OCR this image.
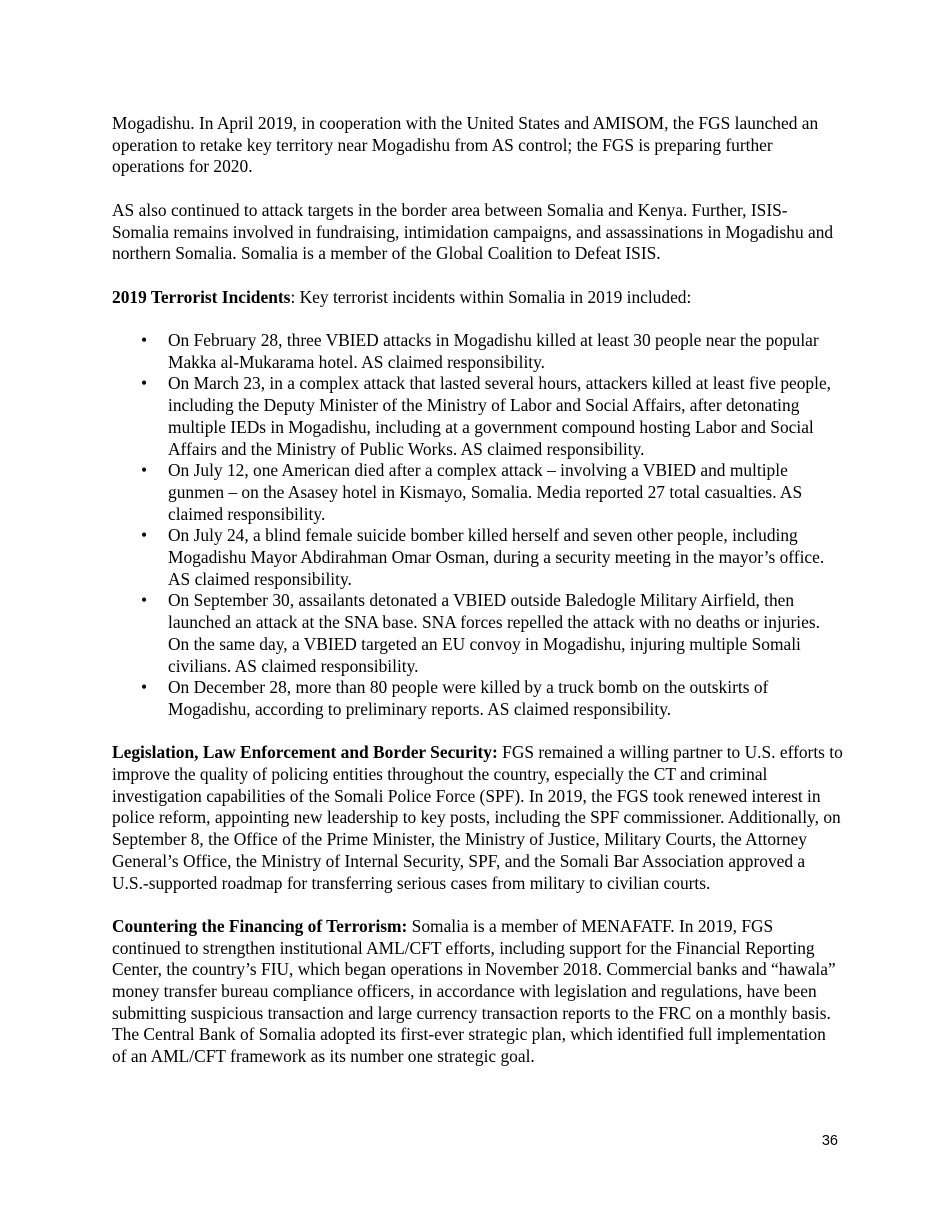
Mogadishu. In April 2019, in cooperation with the United States and AMISOM, the FGS launched an operation to retake key territory near Mogadishu from AS control; the FGS is preparing further operations for 2020.

AS also continued to attack targets in the border area between Somalia and Kenya. Further, ISIS-Somalia remains involved in fundraising, intimidation campaigns, and assassinations in Mogadishu and northern Somalia. Somalia is a member of the Global Coalition to Defeat ISIS.

2019 Terrorist Incidents: Key terrorist incidents within Somalia in 2019 included:

• On February 28, three VBIED attacks in Mogadishu killed at least 30 people near the popular Makka al-Mukarama hotel. AS claimed responsibility.
• On March 23, in a complex attack that lasted several hours, attackers killed at least five people, including the Deputy Minister of the Ministry of Labor and Social Affairs, after detonating multiple IEDs in Mogadishu, including at a government compound hosting Labor and Social Affairs and the Ministry of Public Works. AS claimed responsibility.
• On July 12, one American died after a complex attack – involving a VBIED and multiple gunmen – on the Asasey hotel in Kismayo, Somalia. Media reported 27 total casualties. AS claimed responsibility.
• On July 24, a blind female suicide bomber killed herself and seven other people, including Mogadishu Mayor Abdirahman Omar Osman, during a security meeting in the mayor’s office. AS claimed responsibility.
• On September 30, assailants detonated a VBIED outside Baledogle Military Airfield, then launched an attack at the SNA base. SNA forces repelled the attack with no deaths or injuries. On the same day, a VBIED targeted an EU convoy in Mogadishu, injuring multiple Somali civilians. AS claimed responsibility.
• On December 28, more than 80 people were killed by a truck bomb on the outskirts of Mogadishu, according to preliminary reports. AS claimed responsibility.

Legislation, Law Enforcement and Border Security: FGS remained a willing partner to U.S. efforts to improve the quality of policing entities throughout the country, especially the CT and criminal investigation capabilities of the Somali Police Force (SPF). In 2019, the FGS took renewed interest in police reform, appointing new leadership to key posts, including the SPF commissioner. Additionally, on September 8, the Office of the Prime Minister, the Ministry of Justice, Military Courts, the Attorney General’s Office, the Ministry of Internal Security, SPF, and the Somali Bar Association approved a U.S.-supported roadmap for transferring serious cases from military to civilian courts.

Countering the Financing of Terrorism: Somalia is a member of MENAFATF. In 2019, FGS continued to strengthen institutional AML/CFT efforts, including support for the Financial Reporting Center, the country’s FIU, which began operations in November 2018. Commercial banks and “hawala” money transfer bureau compliance officers, in accordance with legislation and regulations, have been submitting suspicious transaction and large currency transaction reports to the FRC on a monthly basis. The Central Bank of Somalia adopted its first-ever strategic plan, which identified full implementation of an AML/CFT framework as its number one strategic goal.

36
